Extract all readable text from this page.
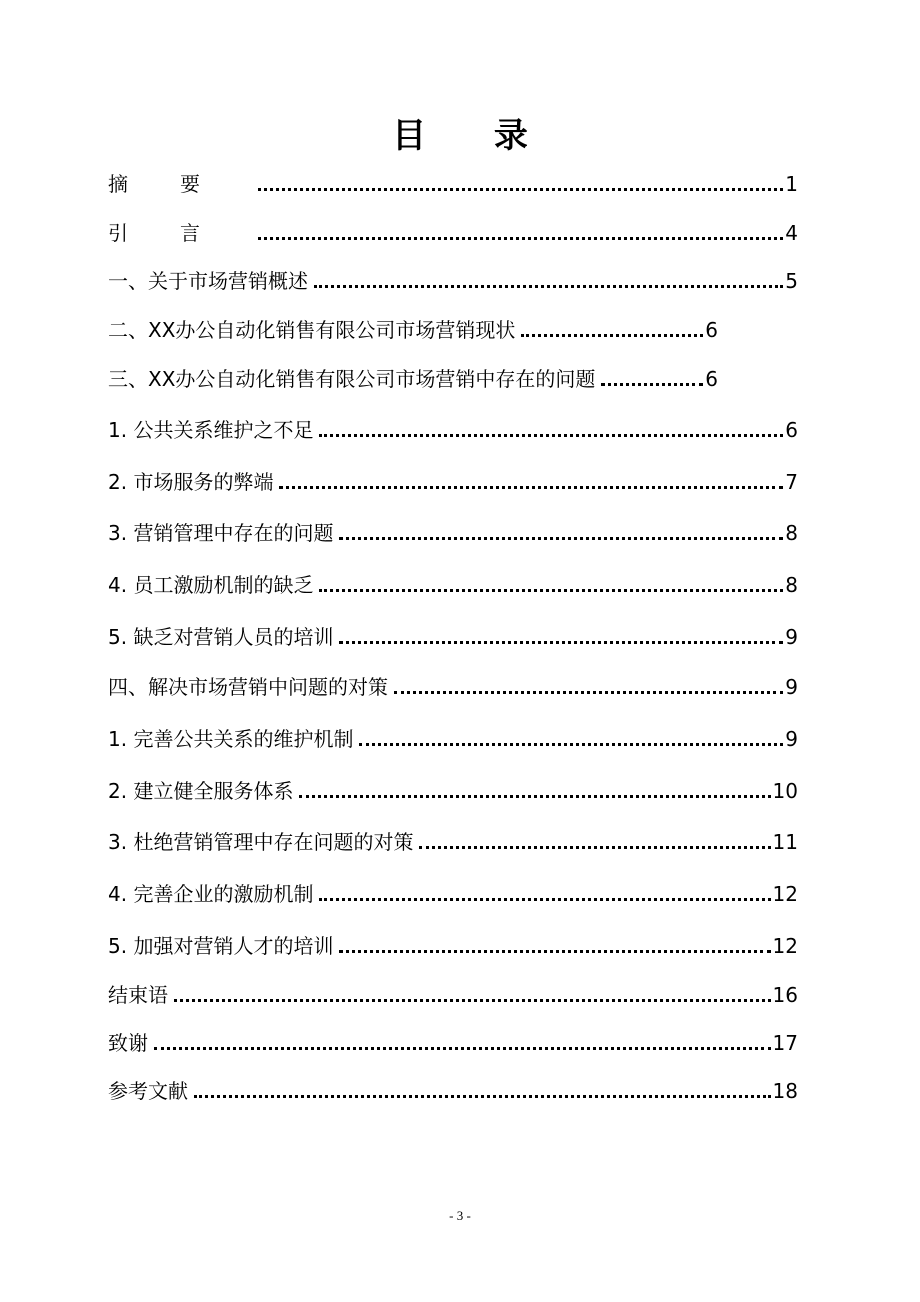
目 录
摘要	1
引言	4
一、关于市场营销概述	5
二、XX办公自动化销售有限公司市场营销现状	6
三、XX办公自动化销售有限公司市场营销中存在的问题	6
1. 公共关系维护之不足	6
2. 市场服务的弊端	7
3. 营销管理中存在的问题	8
4. 员工激励机制的缺乏	8
5. 缺乏对营销人员的培训	9
四、解决市场营销中问题的对策	9
1. 完善公共关系的维护机制	9
2. 建立健全服务体系	10
3. 杜绝营销管理中存在问题的对策	11
4. 完善企业的激励机制	12
5. 加强对营销人才的培训	12
结束语	16
致谢	17
参考文献	18
- 3 -
